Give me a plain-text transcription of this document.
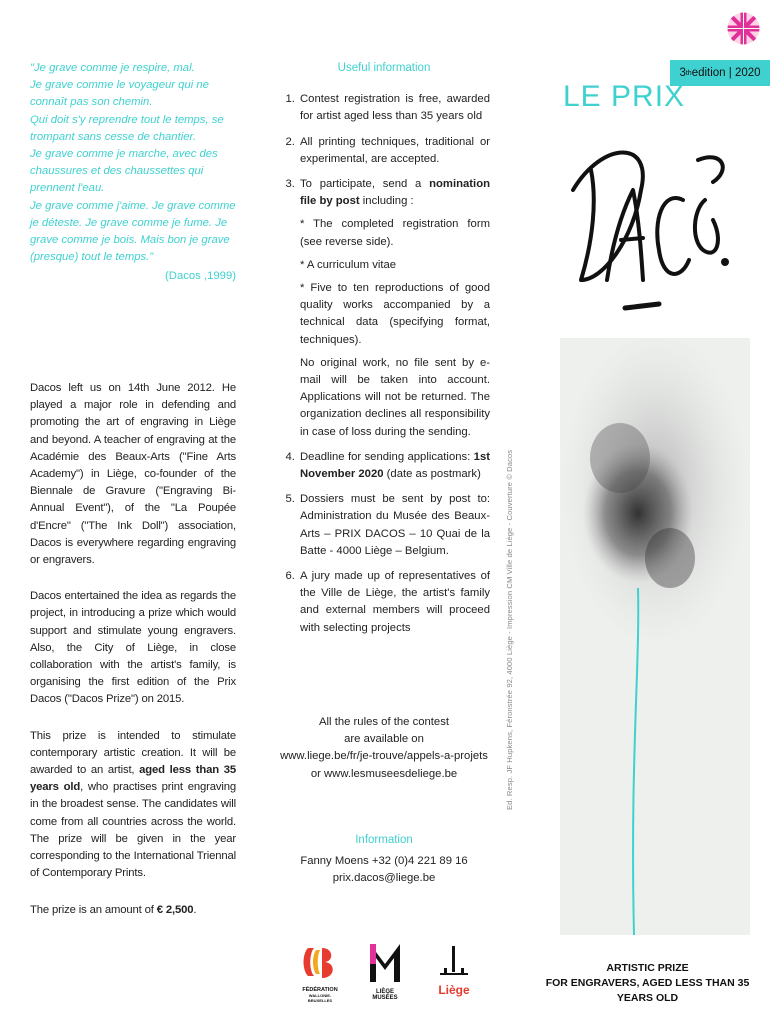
"Je grave comme je respire, mal.

Je grave comme le voyageur qui ne connaît pas son chemin.

Qui doit s'y reprendre tout le temps, se trompant sans cesse de chantier.

Je grave comme je marche, avec des chaussures et des chaussettes qui prennent l'eau.

Je grave comme j'aime. Je grave comme je déteste. Je grave comme je fume. Je grave comme je bois. Mais bon je grave (presque) tout le temps."

(Dacos ,1999)

Dacos left us on 14th June 2012. He played a major role in defending and promoting the art of engraving in Liège and beyond. A teacher of engraving at the Académie des Beaux-Arts ("Fine Arts Academy") in Liège, co-founder of the Biennale de Gravure ("Engraving Bi-Annual Event"), of the "La Poupée d'Encre" ("The Ink Doll") association, Dacos is everywhere regarding engraving or engravers.

Dacos entertained the idea as regards the project, in introducing a prize which would support and stimulate young engravers. Also, the City of Liège, in close collaboration with the artist's family, is organising the first edition of the Prix Dacos ("Dacos Prize") on 2015.

This prize is intended to stimulate contemporary artistic creation. It will be awarded to an artist, aged less than 35 years old, who practises print engraving in the broadest sense. The candidates will come from all countries across the world. The prize will be given in the year corresponding to the International Triennal of Contemporary Prints.

The prize is an amount of € 2,500.

Useful information
1. Contest registration is free, awarded for artist aged less than 35 years old
2. All printing techniques, traditional or experimental, are accepted.
3. To participate, send a nomination file by post including :

* The completed registration form (see reverse side).

* A curriculum vitae

* Five to ten reproductions of good quality works accompanied by a technical data (specifying format, techniques).

No original work, no file sent by e-mail will be taken into account. Applications will not be returned. The organization declines all responsibility in case of loss during the sending.

4. Deadline for sending applications: 1st November 2020 (date as postmark)
5. Dossiers must be sent by post to: Administration du Musée des Beaux-Arts – PRIX DACOS – 10 Quai de la Batte - 4000 Liège – Belgium.
6. A jury made up of representatives of the Ville de Liège, the artist's family and external members will proceed with selecting projects
All the rules of the contest
are available on
www.liege.be/fr/je-trouve/appels-a-projets
or www.lesmuseesdeliege.be
Information
Fanny Moens +32 (0)4 221 89 16
prix.dacos@liege.be
FÉDÉRATION
WALLONIE-BRUXELLES
LIÈGE MUSÉES
Liège
Ed. Resp. JF Hupkens, Féronstrée 92, 4000 Liège - Impression CM Ville de Liège - Couverture © Dacos
3 th edition | 2020
LE PRIX
ARTISTIC PRIZE
FOR ENGRAVERS, AGED LESS THAN 35 YEARS OLD
